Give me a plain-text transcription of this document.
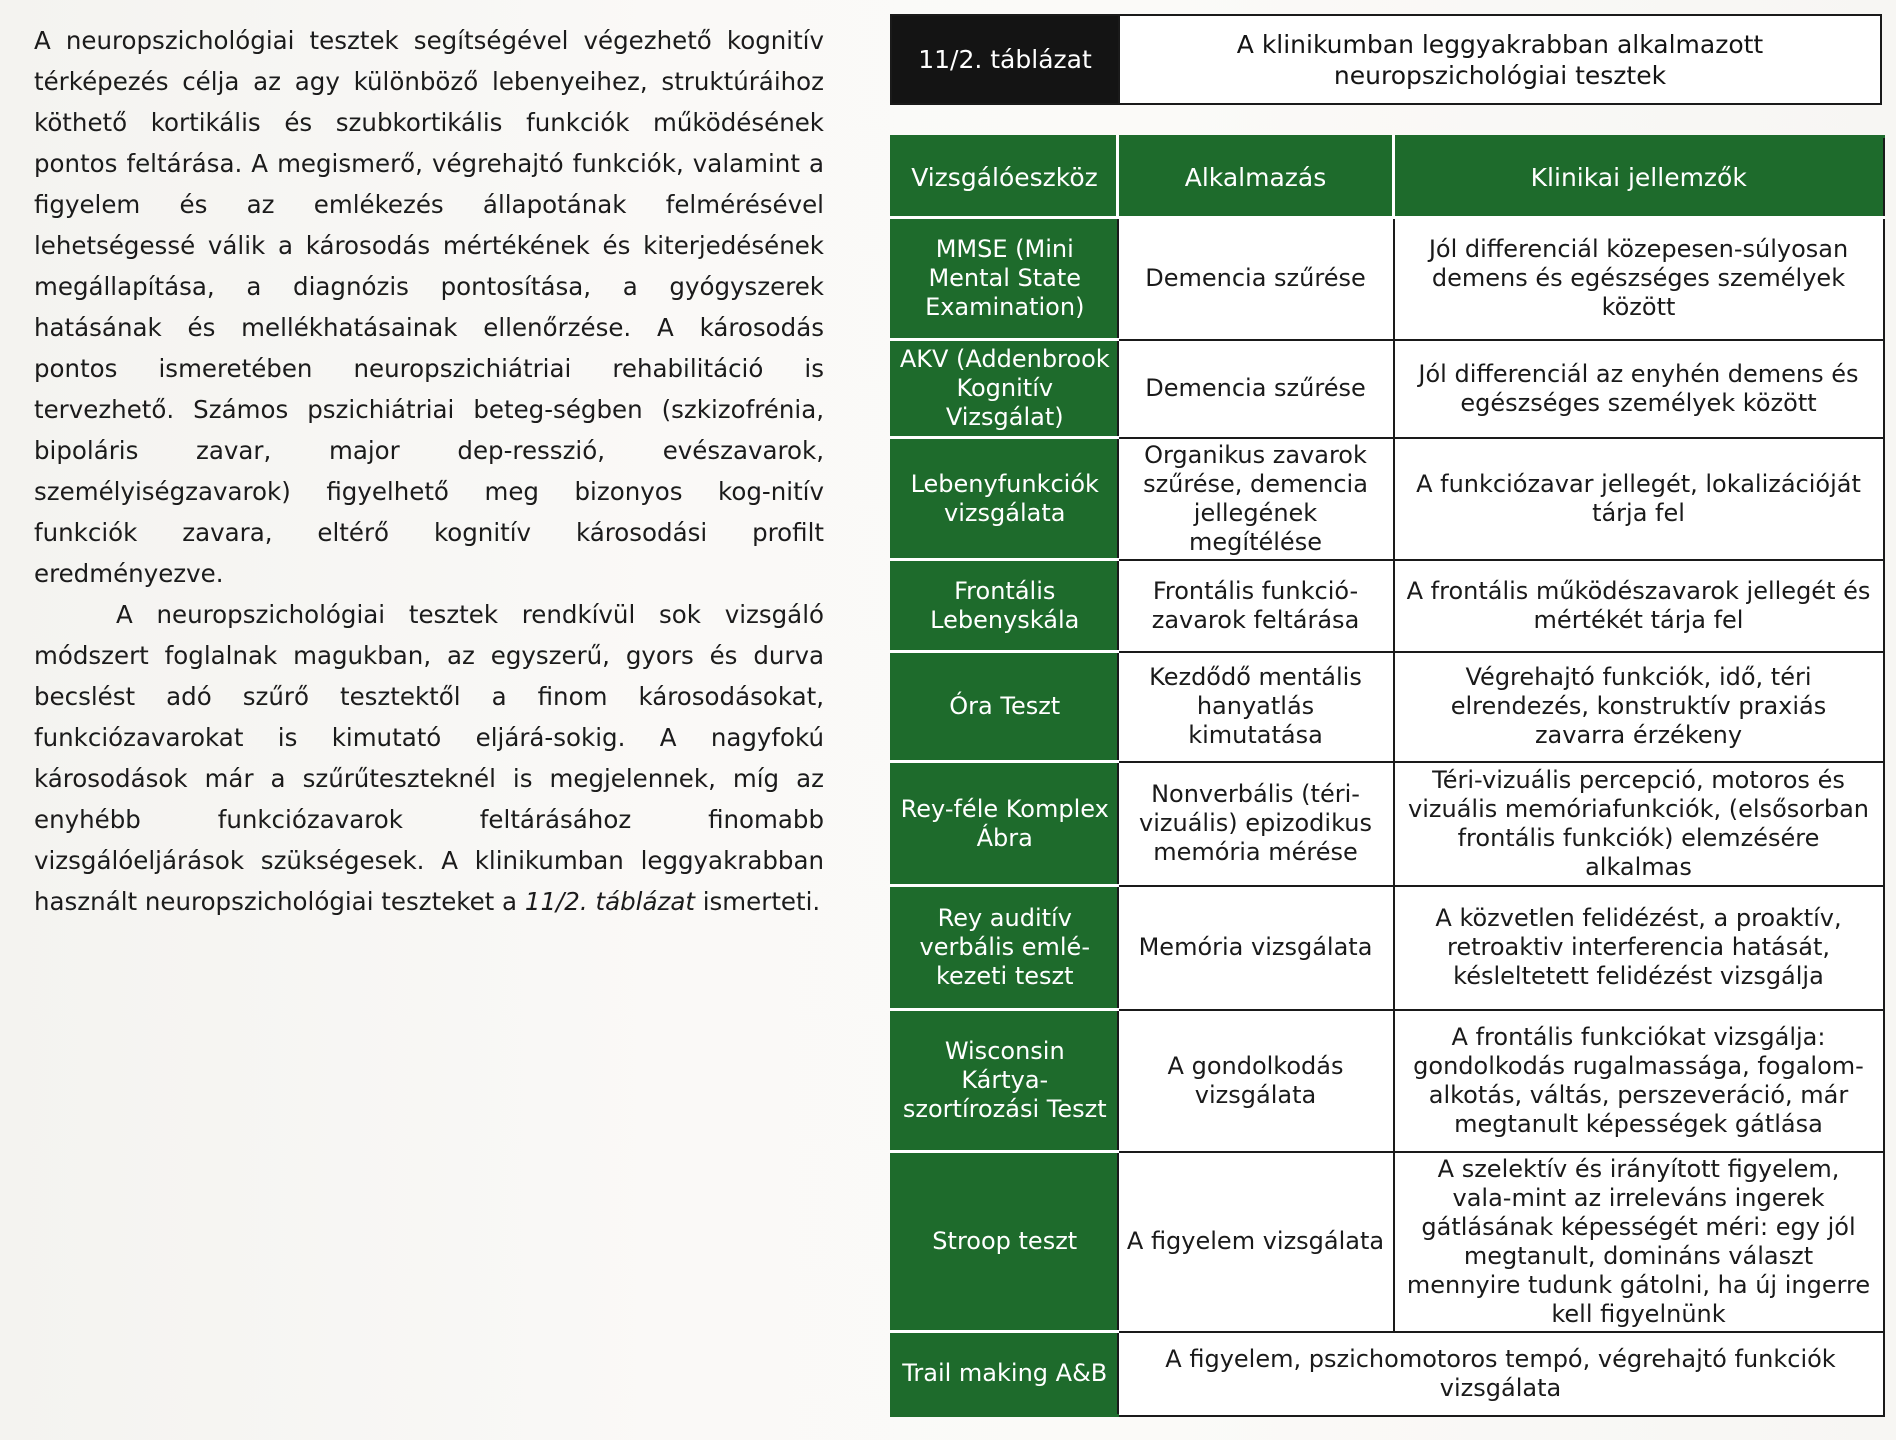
A neuropszichológiai tesztek segítségével végezhető kognitív térképezés célja az agy különböző lebenyeihez, struktúráihoz köthető kortikális és szubkortikális funkciók működésének pontos feltárása. A megismerő, végrehajtó funkciók, valamint a figyelem és az emlékezés állapotának felmérésével lehetségessé válik a károsodás mértékének és kiterjedésének megállapítása, a diagnózis pontosítása, a gyógyszerek hatásának és mellékhatásainak ellenőrzése. A károsodás pontos ismeretében neuropszichiátriai rehabilitáció is tervezhető. Számos pszichiátriai beteg-ségben (szkizofrénia, bipoláris zavar, major dep-resszió, evészavarok, személyiségzavarok) figyelhető meg bizonyos kog-nitív funkciók zavara, eltérő kognitív károsodási profilt eredményezve.

A neuropszichológiai tesztek rendkívül sok vizsgáló módszert foglalnak magukban, az egyszerű, gyors és durva becslést adó szűrő tesztektől a finom károsodásokat, funkciózavarokat is kimutató eljárá-sokig. A nagyfokú károsodások már a szűrűteszteknél is megjelennek, míg az enyhébb funkciózavarok feltárásához finomabb vizsgálóeljárások szükségesek. A klinikumban leggyakrabban használt neuropszichológiai teszteket a 11/2. táblázat ismerteti.

11/2. táblázat
A klinikumban leggyakrabban alkalmazott
neuropszichológiai tesztek
Vizsgálóeszköz	Alkalmazás	Klinikai jellemzők
MMSE (Mini Mental State Examination)	Demencia szűrése	Jól differenciál közepesen-súlyosan demens és egészséges személyek között
AKV (Addenbrook Kognitív Vizsgálat)	Demencia szűrése	Jól differenciál az enyhén demens és egészséges személyek között
Lebenyfunkciók vizsgálata	Organikus zavarok szűrése, demencia jellegének megítélése	A funkciózavar jellegét, lokalizációját tárja fel
Frontális Lebenyskála	Frontális funkció-zavarok feltárása	A frontális működészavarok jellegét és mértékét tárja fel
Óra Teszt	Kezdődő mentális hanyatlás kimutatása	Végrehajtó funkciók, idő, téri elrendezés, konstruktív praxiás zavarra érzékeny
Rey-féle Komplex Ábra	Nonverbális (téri-vizuális) epizodikus memória mérése	Téri-vizuális percepció, motoros és vizuális memóriafunkciók, (elsősorban frontális funkciók) elemzésére alkalmas
Rey auditív verbális emlé-kezeti teszt	Memória vizsgálata	A közvetlen felidézést, a proaktív, retroaktiv interferencia hatását, késleltetett felidézést vizsgálja
Wisconsin Kártya-szortírozási Teszt	A gondolkodás vizsgálata	A frontális funkciókat vizsgálja: gondolkodás rugalmassága, fogalom-alkotás, váltás, perszeveráció, már megtanult képességek gátlása
Stroop teszt	A figyelem vizsgálata	A szelektív és irányított figyelem, vala-mint az irreleváns ingerek gátlásának képességét méri: egy jól megtanult, domináns választ mennyire tudunk gátolni, ha új ingerre kell figyelnünk
Trail making A&B	A figyelem, pszichomotoros tempó, végrehajtó funkciók vizsgálata	
